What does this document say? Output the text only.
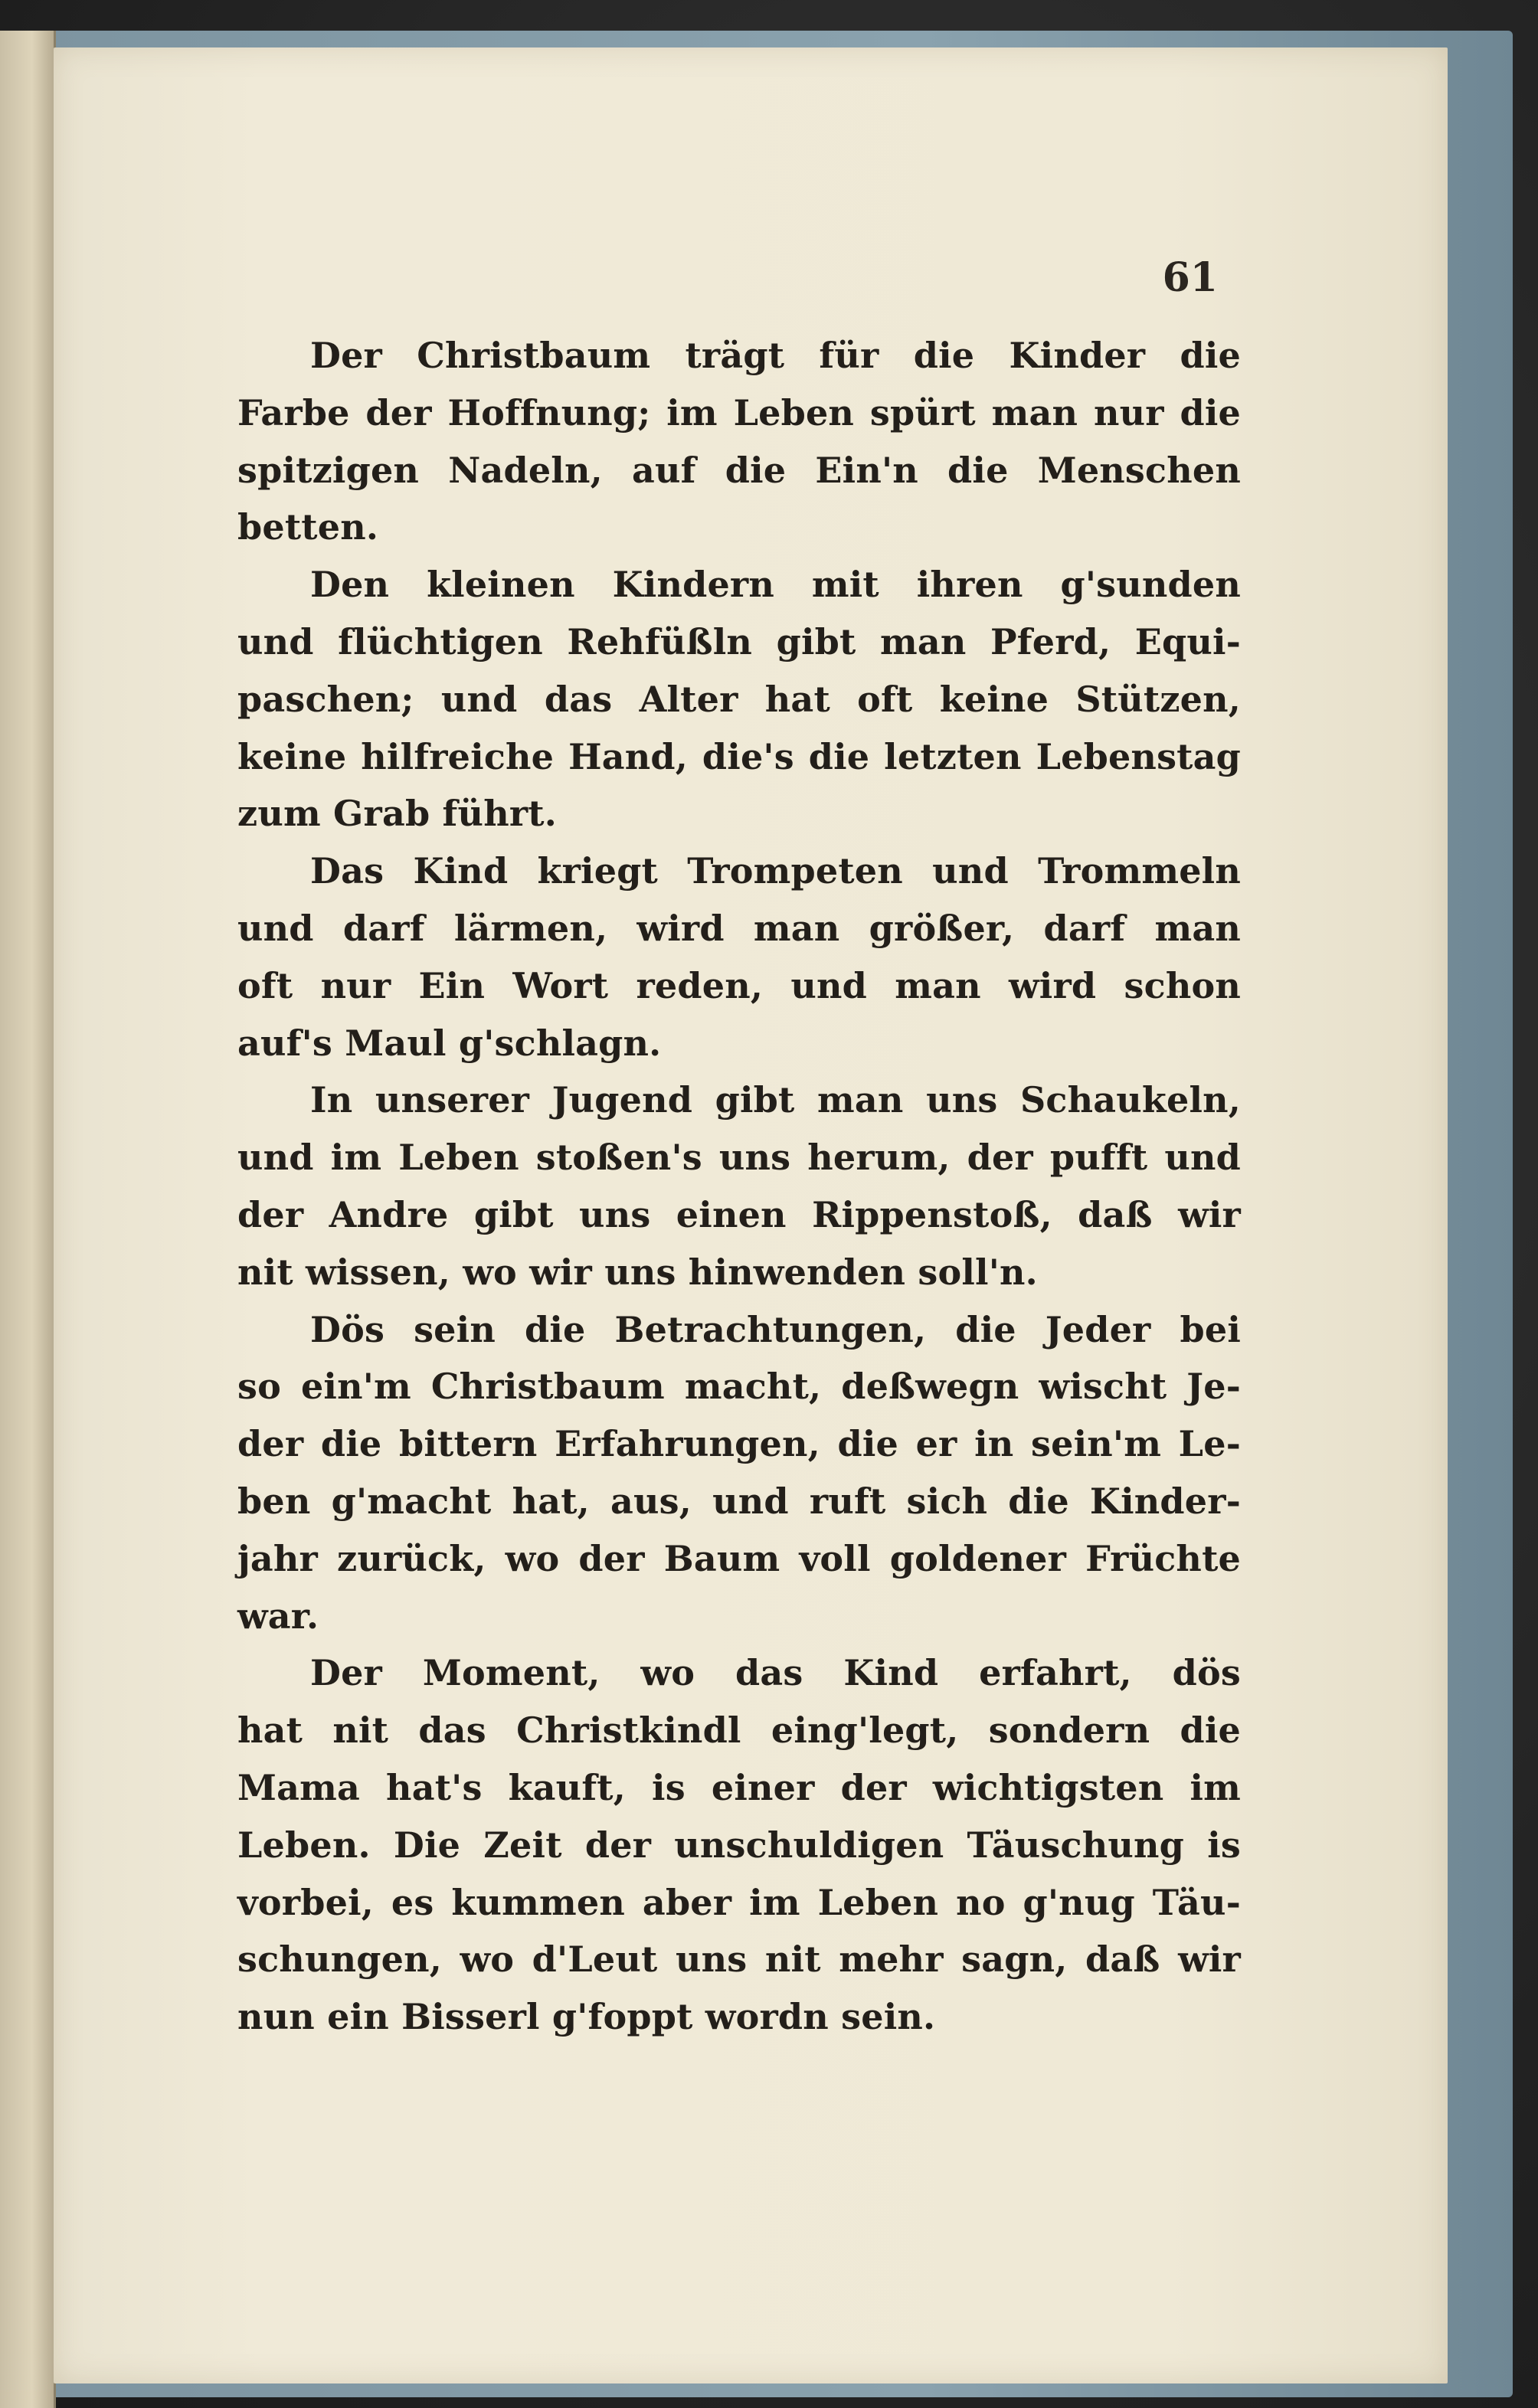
61
Der Christbaum trägt für die Kinder die
Farbe der Hoffnung; im Leben spürt man nur die
spitzigen Nadeln, auf die Ein'n die Menschen
betten.
Den kleinen Kindern mit ihren g'sunden
und flüchtigen Rehfüßln gibt man Pferd, Equi-
paschen; und das Alter hat oft keine Stützen,
keine hilfreiche Hand, die's die letzten Lebenstag
zum Grab führt.
Das Kind kriegt Trompeten und Trommeln
und darf lärmen, wird man größer, darf man
oft nur Ein Wort reden, und man wird schon
auf's Maul g'schlagn.
In unserer Jugend gibt man uns Schaukeln,
und im Leben stoßen's uns herum, der pufft und
der Andre gibt uns einen Rippenstoß, daß wir
nit wissen, wo wir uns hinwenden soll'n.
Dös sein die Betrachtungen, die Jeder bei
so ein'm Christbaum macht, deßwegn wischt Je-
der die bittern Erfahrungen, die er in sein'm Le-
ben g'macht hat, aus, und ruft sich die Kinder-
jahr zurück, wo der Baum voll goldener Früchte
war.
Der Moment, wo das Kind erfahrt, dös
hat nit das Christkindl eing'legt, sondern die
Mama hat's kauft, is einer der wichtigsten im
Leben. Die Zeit der unschuldigen Täuschung is
vorbei, es kummen aber im Leben no g'nug Täu-
schungen, wo d'Leut uns nit mehr sagn, daß wir
nun ein Bisserl g'foppt wordn sein.
